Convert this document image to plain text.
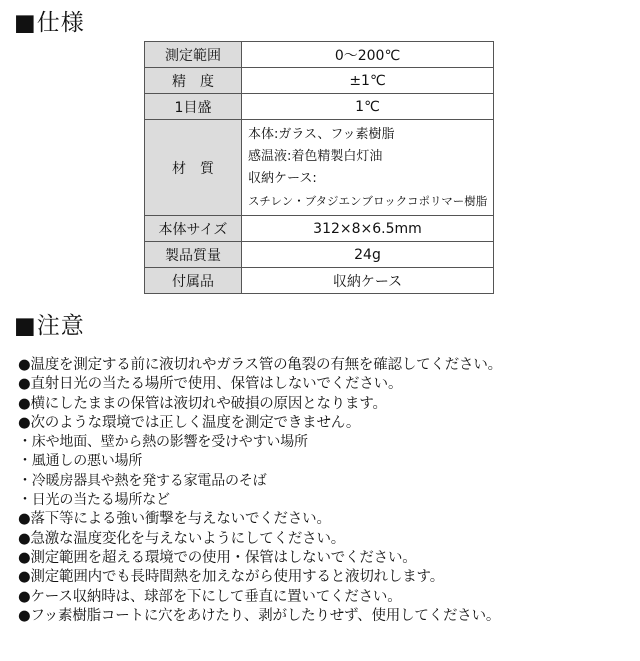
■仕様
測定範囲	0～200℃
精　度	±1℃
1目盛	1℃
材　質	本体:ガラス、フッ素樹脂
感温液:着色精製白灯油
収納ケース:
スチレン・ブタジエンブロックコポリマー樹脂

本体サイズ	312×8×6.5mm
製品質量	24g
付属品	収納ケース
■注意
●温度を測定する前に液切れやガラス管の亀裂の有無を確認してください。
●直射日光の当たる場所で使用、保管はしないでください。
●横にしたままの保管は液切れや破損の原因となります。
●次のような環境では正しく温度を測定できません。
・床や地面、壁から熱の影響を受けやすい場所
・風通しの悪い場所
・冷暖房器具や熱を発する家電品のそば
・日光の当たる場所など
●落下等による強い衝撃を与えないでください。
●急激な温度変化を与えないようにしてください。
●測定範囲を超える環境での使用・保管はしないでください。
●測定範囲内でも長時間熱を加えながら使用すると液切れします。
●ケース収納時は、球部を下にして垂直に置いてください。
●フッ素樹脂コートに穴をあけたり、剥がしたりせず、使用してください。
